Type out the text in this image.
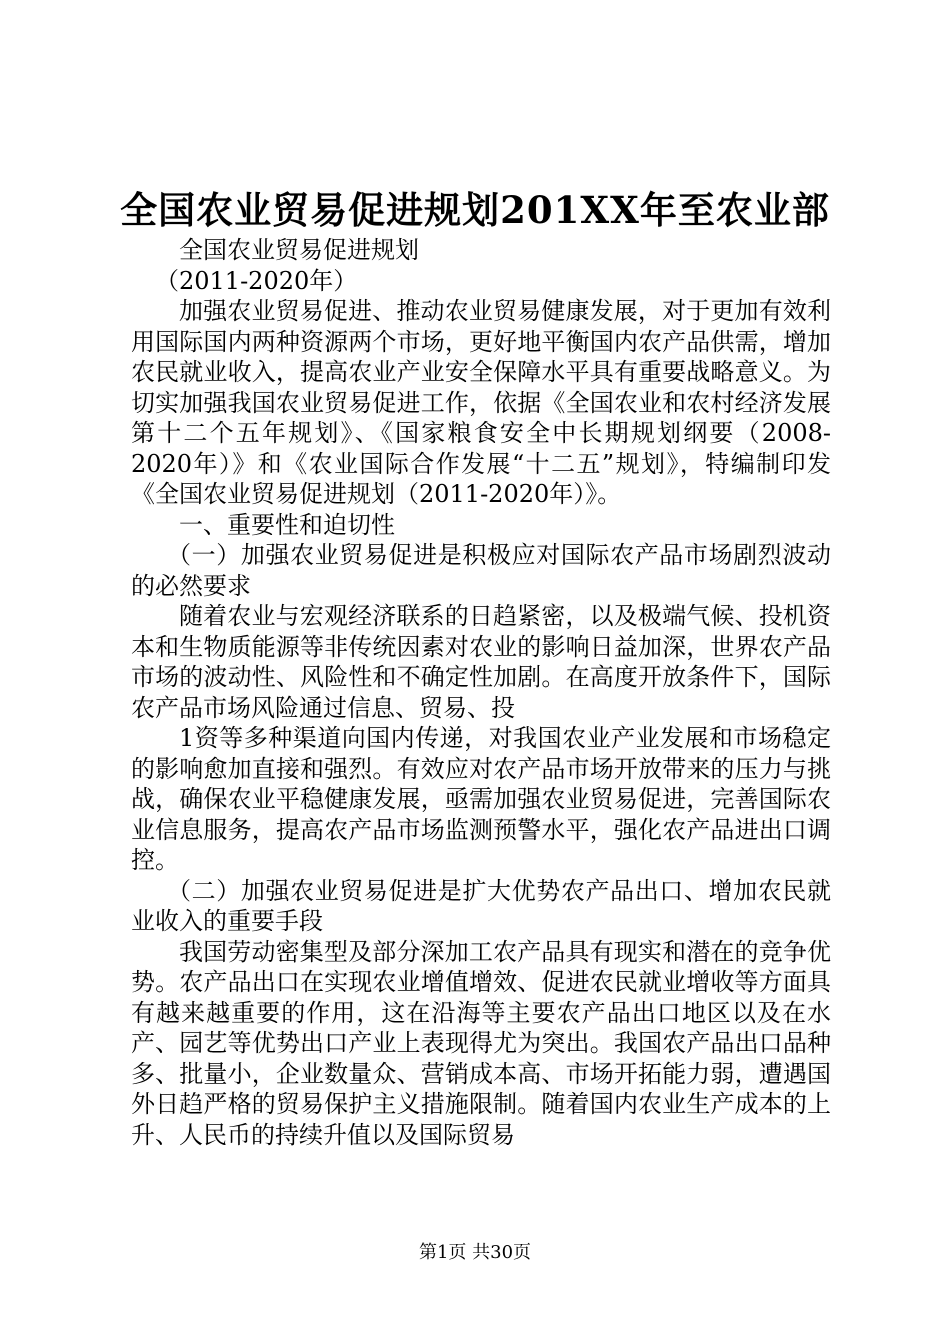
全国农业贸易促进规划201XX年至农业部

全国农业贸易促进规划

（2011-2020年）

加强农业贸易促进、推动农业贸易健康发展，对于更加有效利用国际国内两种资源两个市场，更好地平衡国内农产品供需，增加农民就业收入，提高农业产业安全保障水平具有重要战略意义。为切实加强我国农业贸易促进工作，依据《全国农业和农村经济发展第十二个五年规划》、《国家粮食安全中长期规划纲要（2008-2020年）》和《农业国际合作发展“十二五”规划》，特编制印发《全国农业贸易促进规划（2011-2020年）》。

一、重要性和迫切性

（一）加强农业贸易促进是积极应对国际农产品市场剧烈波动的必然要求

随着农业与宏观经济联系的日趋紧密，以及极端气候、投机资本和生物质能源等非传统因素对农业的影响日益加深，世界农产品市场的波动性、风险性和不确定性加剧。在高度开放条件下，国际农产品市场风险通过信息、贸易、投

1资等多种渠道向国内传递，对我国农业产业发展和市场稳定的影响愈加直接和强烈。有效应对农产品市场开放带来的压力与挑战，确保农业平稳健康发展，亟需加强农业贸易促进，完善国际农业信息服务，提高农产品市场监测预警水平，强化农产品进出口调控。

（二）加强农业贸易促进是扩大优势农产品出口、增加农民就业收入的重要手段

我国劳动密集型及部分深加工农产品具有现实和潜在的竞争优势。农产品出口在实现农业增值增效、促进农民就业增收等方面具有越来越重要的作用，这在沿海等主要农产品出口地区以及在水产、园艺等优势出口产业上表现得尤为突出。我国农产品出口品种多、批量小，企业数量众、营销成本高、市场开拓能力弱，遭遇国外日趋严格的贸易保护主义措施限制。随着国内农业生产成本的上升、人民币的持续升值以及国际贸易

第1页 共30页
